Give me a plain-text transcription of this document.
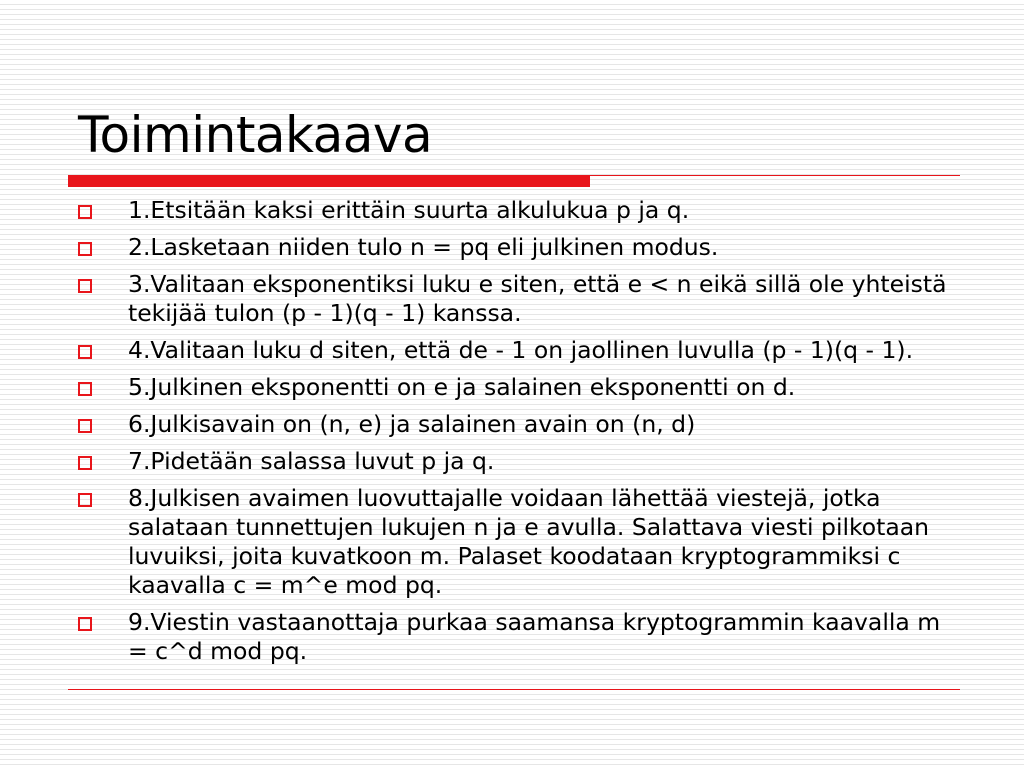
Toimintakaava
1.Etsitään kaksi erittäin suurta alkulukua p ja q.
2.Lasketaan niiden tulo n = pq eli julkinen modus.
3.Valitaan eksponentiksi luku e siten, että e < n eikä sillä ole yhteistä tekijää tulon (p - 1)(q - 1) kanssa.
4.Valitaan luku d siten, että de - 1 on jaollinen luvulla (p - 1)(q - 1).
5.Julkinen eksponentti on e ja salainen eksponentti on d.
6.Julkisavain on (n, e) ja salainen avain on (n, d)
7.Pidetään salassa luvut p ja q.
8.Julkisen avaimen luovuttajalle voidaan lähettää viestejä, jotka salataan tunnettujen lukujen n ja e avulla. Salattava viesti pilkotaan luvuiksi, joita kuvatkoon m. Palaset koodataan kryptogrammiksi c kaavalla c = m^e mod pq.
9.Viestin vastaanottaja purkaa saamansa kryptogrammin kaavalla m = c^d mod pq.
